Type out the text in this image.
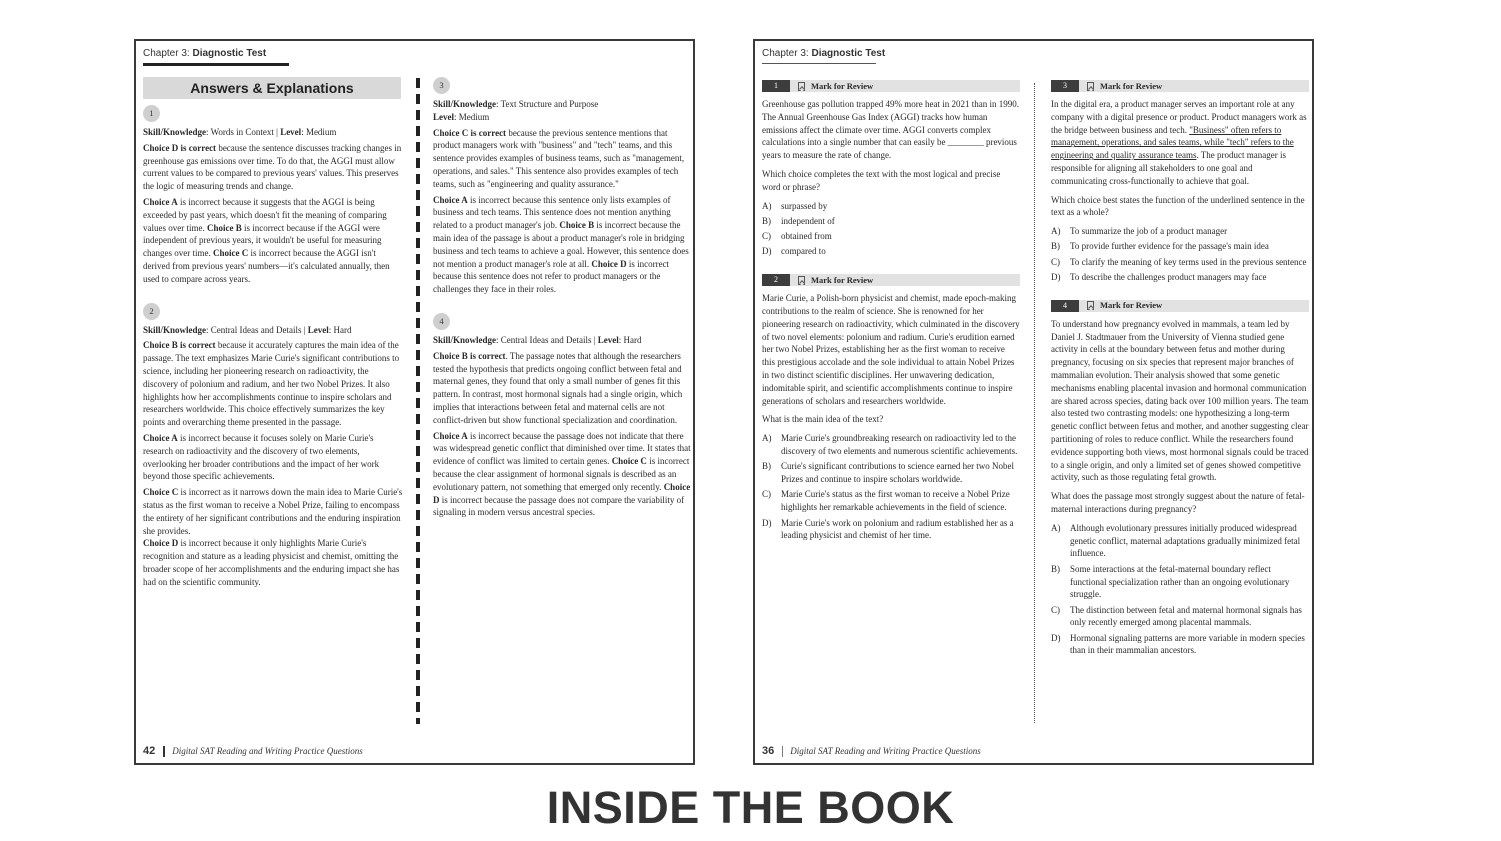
Chapter 3: Diagnostic Test
Answers & Explanations
1

Skill/Knowledge: Words in Context | Level: Medium

Choice D is correct because the sentence discusses tracking changes in greenhouse gas emissions over time. To do that, the AGGI must allow current values to be compared to previous years' values. This preserves the logic of measuring trends and change.

Choice A is incorrect because it suggests that the AGGI is being exceeded by past years, which doesn't fit the meaning of comparing values over time. Choice B is incorrect because if the AGGI were independent of previous years, it wouldn't be useful for measuring changes over time. Choice C is incorrect because the AGGI isn't derived from previous years' numbers—it's calculated annually, then used to compare across years.

2

Skill/Knowledge: Central Ideas and Details | Level: Hard

Choice B is correct because it accurately captures the main idea of the passage. The text emphasizes Marie Curie's significant contributions to science, including her pioneering research on radioactivity, the discovery of polonium and radium, and her two Nobel Prizes. It also highlights how her accomplishments continue to inspire scholars and researchers worldwide. This choice effectively summarizes the key points and overarching theme presented in the passage.

Choice A is incorrect because it focuses solely on Marie Curie's research on radioactivity and the discovery of two elements, overlooking her broader contributions and the impact of her work beyond those specific achievements.

Choice C is incorrect as it narrows down the main idea to Marie Curie's status as the first woman to receive a Nobel Prize, failing to encompass the entirety of her significant contributions and the enduring inspiration she provides.

Choice D is incorrect because it only highlights Marie Curie's recognition and stature as a leading physicist and chemist, omitting the broader scope of her accomplishments and the enduring impact she has had on the scientific community.

3

Skill/Knowledge: Text Structure and Purpose

Level: Medium

Choice C is correct because the previous sentence mentions that product managers work with "business" and "tech" teams, and this sentence provides examples of business teams, such as "management, operations, and sales." This sentence also provides examples of tech teams, such as "engineering and quality assurance."

Choice A is incorrect because this sentence only lists examples of business and tech teams. This sentence does not mention anything related to a product manager's job. Choice B is incorrect because the main idea of the passage is about a product manager's role in bridging business and tech teams to achieve a goal. However, this sentence does not mention a product manager's role at all. Choice D is incorrect because this sentence does not refer to product managers or the challenges they face in their roles.

4

Skill/Knowledge: Central Ideas and Details | Level: Hard

Choice B is correct. The passage notes that although the researchers tested the hypothesis that predicts ongoing conflict between fetal and maternal genes, they found that only a small number of genes fit this pattern. In contrast, most hormonal signals had a single origin, which implies that interactions between fetal and maternal cells are not conflict-driven but show functional specialization and coordination.

Choice A is incorrect because the passage does not indicate that there was widespread genetic conflict that diminished over time. It states that evidence of conflict was limited to certain genes. Choice C is incorrect because the clear assignment of hormonal signals is described as an evolutionary pattern, not something that emerged only recently. Choice D is incorrect because the passage does not compare the variability of signaling in modern versus ancestral species.

42 Digital SAT Reading and Writing Practice Questions
Chapter 3: Diagnostic Test
1	Mark for Review

Greenhouse gas pollution trapped 49% more heat in 2021 than in 1990. The Annual Greenhouse Gas Index (AGGI) tracks how human emissions affect the climate over time. AGGI converts complex calculations into a single number that can easily be ________ previous years to measure the rate of change.

Which choice completes the text with the most logical and precise word or phrase?

A)	surpassed by
B)	independent of
C)	obtained from
D)	compared to
2	Mark for Review

Marie Curie, a Polish-born physicist and chemist, made epoch-making contributions to the realm of science. She is renowned for her pioneering research on radioactivity, which culminated in the discovery of two novel elements: polonium and radium. Curie's erudition earned her two Nobel Prizes, establishing her as the first woman to receive this prestigious accolade and the sole individual to attain Nobel Prizes in two distinct scientific disciplines. Her unwavering dedication, indomitable spirit, and scientific accomplishments continue to inspire generations of scholars and researchers worldwide.

What is the main idea of the text?

A)	Marie Curie's groundbreaking research on radioactivity led to the discovery of two elements and numerous scientific achievements.
B)	Curie's significant contributions to science earned her two Nobel Prizes and continue to inspire scholars worldwide.
C)	Marie Curie's status as the first woman to receive a Nobel Prize highlights her remarkable achievements in the field of science.
D)	Marie Curie's work on polonium and radium established her as a leading physicist and chemist of her time.
3	Mark for Review

In the digital era, a product manager serves an important role at any company with a digital presence or product. Product managers work as the bridge between business and tech. "Business" often refers to management, operations, and sales teams, while "tech" refers to the engineering and quality assurance teams. The product manager is responsible for aligning all stakeholders to one goal and communicating cross-functionally to achieve that goal.

Which choice best states the function of the underlined sentence in the text as a whole?

A)	To summarize the job of a product manager
B)	To provide further evidence for the passage's main idea
C)	To clarify the meaning of key terms used in the previous sentence
D)	To describe the challenges product managers may face
4	Mark for Review

To understand how pregnancy evolved in mammals, a team led by Daniel J. Stadtmauer from the University of Vienna studied gene activity in cells at the boundary between fetus and mother during pregnancy, focusing on six species that represent major branches of mammalian evolution. Their analysis showed that some genetic mechanisms enabling placental invasion and hormonal communication are shared across species, dating back over 100 million years. The team also tested two contrasting models: one hypothesizing a long-term genetic conflict between fetus and mother, and another suggesting clear partitioning of roles to reduce conflict. While the researchers found evidence supporting both views, most hormonal signals could be traced to a single origin, and only a limited set of genes showed competitive activity, such as those regulating fetal growth.

What does the passage most strongly suggest about the nature of fetal-maternal interactions during pregnancy?

A)	Although evolutionary pressures initially produced widespread genetic conflict, maternal adaptations gradually minimized fetal influence.
B)	Some interactions at the fetal-maternal boundary reflect functional specialization rather than an ongoing evolutionary struggle.
C)	The distinction between fetal and maternal hormonal signals has only recently emerged among placental mammals.
D)	Hormonal signaling patterns are more variable in modern species than in their mammalian ancestors.
36 Digital SAT Reading and Writing Practice Questions
INSIDE THE BOOK
